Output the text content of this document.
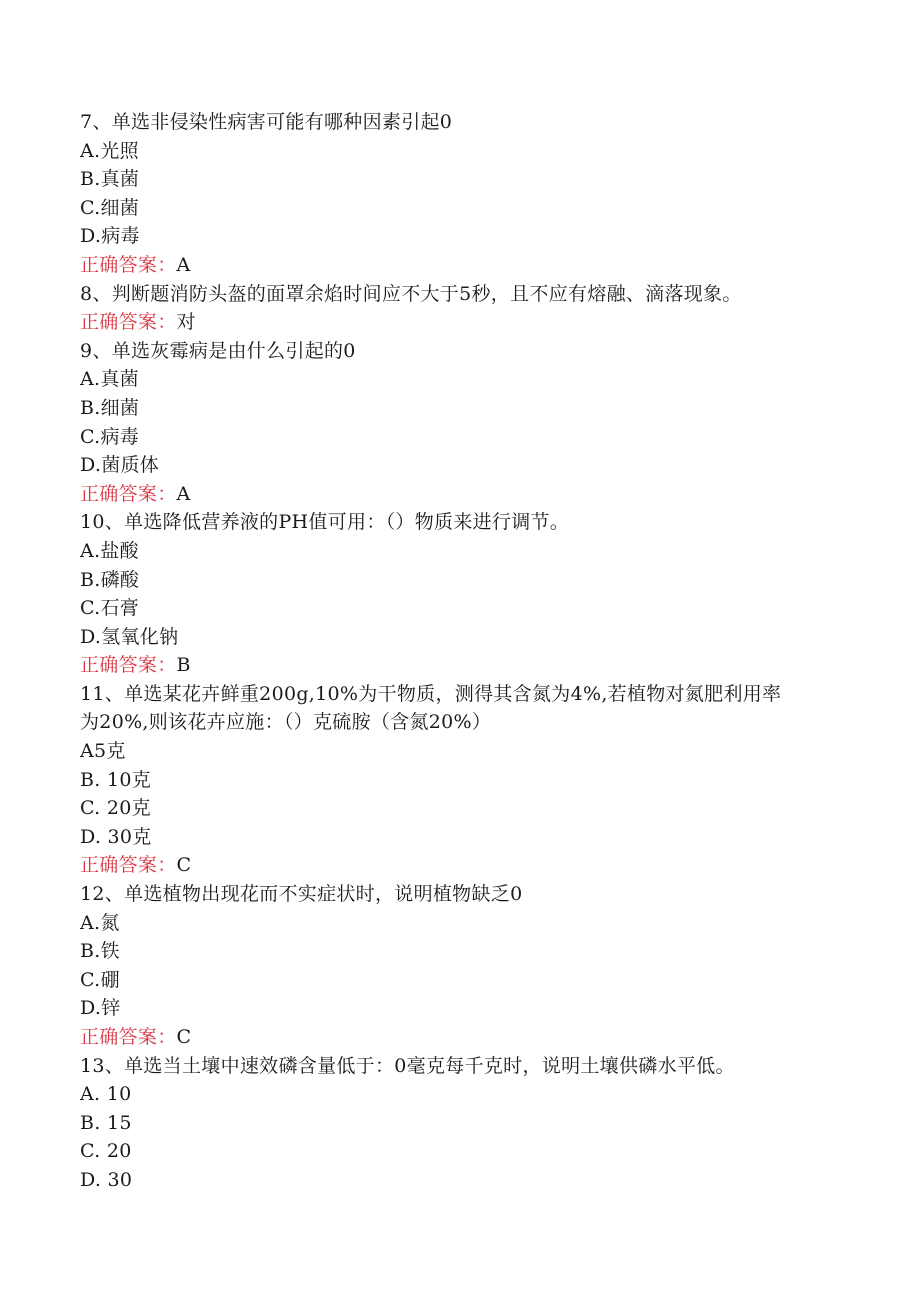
7、单选非侵染性病害可能有哪种因素引起0
A.光照
B.真菌
C.细菌
D.病毒
正确答案：A
8、判断题消防头盔的面罩余焰时间应不大于5秒，且不应有熔融、滴落现象。
正确答案：对
9、单选灰霉病是由什么引起的0
A.真菌
B.细菌
C.病毒
D.菌质体
正确答案：A
10、单选降低营养液的PH值可用：（）物质来进行调节。
A.盐酸
B.磷酸
C.石膏
D.氢氧化钠
正确答案：B
11、单选某花卉鲜重200g,10%为干物质，测得其含氮为4%,若植物对氮肥利用率
为20%,则该花卉应施：（）克硫胺（含氮20%）
A5克
B. 10克
C. 20克
D. 30克
正确答案：C
12、单选植物出现花而不实症状时，说明植物缺乏0
A.氮
B.铁
C.硼
D.锌
正确答案：C
13、单选当土壤中速效磷含量低于：0毫克每千克时，说明土壤供磷水平低。
A. 10
B. 15
C. 20
D. 30
